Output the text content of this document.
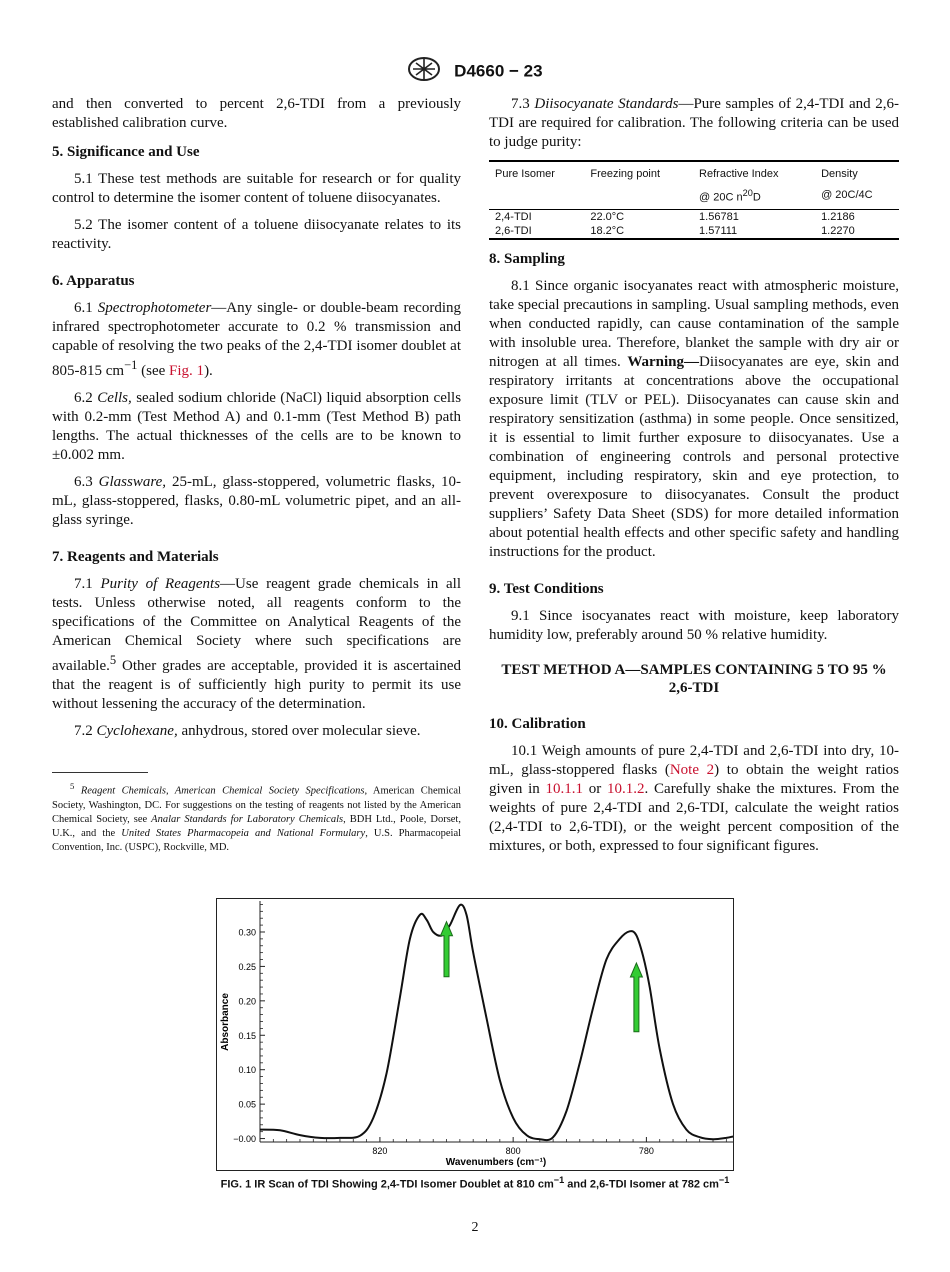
D4660 − 23

and then converted to percent 2,6-TDI from a previously established calibration curve.

5. Significance and Use

5.1 These test methods are suitable for research or for quality control to determine the isomer content of toluene diisocyanates.

5.2 The isomer content of a toluene diisocyanate relates to its reactivity.

6. Apparatus

6.1 Spectrophotometer—Any single- or double-beam recording infrared spectrophotometer accurate to 0.2 % transmission and capable of resolving the two peaks of the 2,4-TDI isomer doublet at 805-815 $cm^{-1}$ (see Fig. 1).

6.2 Cells, sealed sodium chloride (NaCl) liquid absorption cells with 0.2-mm (Test Method A) and 0.1-mm (Test Method B) path lengths. The actual thicknesses of the cells are to be known to ±0.002 mm.

6.3 Glassware, 25-mL, glass-stoppered, volumetric flasks, 10-mL, glass-stoppered, flasks, 0.80-mL volumetric pipet, and an all-glass syringe.

7. Reagents and Materials

7.1 Purity of Reagents—Use reagent grade chemicals in all tests. Unless otherwise noted, all reagents conform to the specifications of the Committee on Analytical Reagents of the American Chemical Society where such specifications are available.$^5$ Other grades are acceptable, provided it is ascertained that the reagent is of sufficiently high purity to permit its use without lessening the accuracy of the determination.

7.2 Cyclohexane, anhydrous, stored over molecular sieve.

$^5$ Reagent Chemicals, American Chemical Society Specifications, American Chemical Society, Washington, DC. For suggestions on the testing of reagents not listed by the American Chemical Society, see Analar Standards for Laboratory Chemicals, BDH Ltd., Poole, Dorset, U.K., and the United States Pharmacopeia and National Formulary, U.S. Pharmacopeial Convention, Inc. (USPC), Rockville, MD.

7.3 Diisocyanate Standards—Pure samples of 2,4-TDI and 2,6-TDI are required for calibration. The following criteria can be used to judge purity:

Pure Isomer	Freezing point	Refractive Index	Density
		@ 20C $n^{20}D$	@ 20C/4C
2,4-TDI	22.0°C	1.56781	1.2186
2,6-TDI	18.2°C	1.57111	1.2270
8. Sampling

8.1 Since organic isocyanates react with atmospheric moisture, take special precautions in sampling. Usual sampling methods, even when conducted rapidly, can cause contamination of the sample with insoluble urea. Therefore, blanket the sample with dry air or nitrogen at all times. Warning—Diisocyanates are eye, skin and respiratory irritants at concentrations above the occupational exposure limit (TLV or PEL). Diisocyanates can cause skin and respiratory sensitization (asthma) in some people. Once sensitized, it is essential to limit further exposure to diisocyanates. Use a combination of engineering controls and personal protective equipment, including respiratory, skin and eye protection, to prevent overexposure to diisocyanates. Consult the product suppliers’ Safety Data Sheet (SDS) for more detailed information about potential health effects and other specific safety and handling instructions for the product.

9. Test Conditions

9.1 Since isocyanates react with moisture, keep laboratory humidity low, preferably around 50 % relative humidity.

TEST METHOD A—SAMPLES CONTAINING 5 TO 95 % 2,6-TDI
10. Calibration

10.1 Weigh amounts of pure 2,4-TDI and 2,6-TDI into dry, 10-mL, glass-stoppered flasks (Note 2) to obtain the weight ratios given in 10.1.1 or 10.1.2. Carefully shake the mixtures. From the weights of pure 2,4-TDI and 2,6-TDI, calculate the weight ratios (2,4-TDI to 2,6-TDI), or the weight percent composition of the mixtures, or both, expressed to four significant figures.

−0.00
0.05
0.10
0.15
0.20
0.25
0.30
820	800	780
Absorbance
Wavenumbers (cm⁻¹)
FIG. 1 IR Scan of TDI Showing 2,4-TDI Isomer Doublet at 810 $cm^{-1}$ and 2,6-TDI Isomer at 782 $cm^{-1}$
2
